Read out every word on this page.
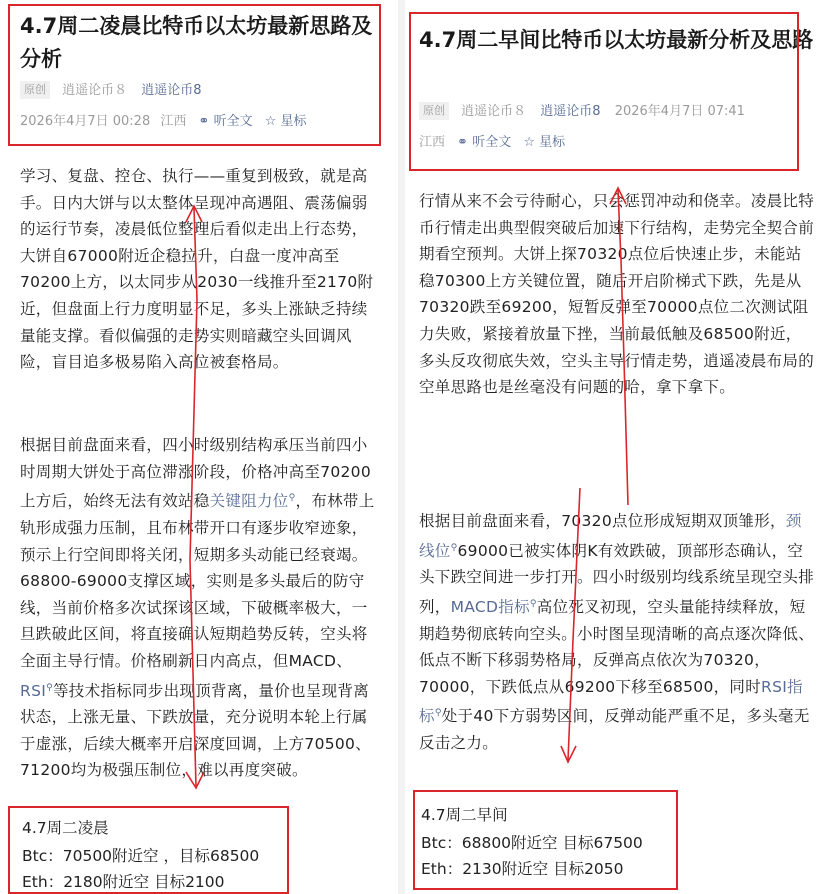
4.7周二凌晨比特币以太坊最新思路及分析
原创 逍遥论币８ 逍遥论币8
2026年4月7日 00:28 江西 ⚭ 听全文 ☆ 星标
学习、复盘、控仓、执行——重复到极致，就是高手。日内大饼与以太整体呈现冲高遇阻、震荡偏弱的运行节奏，凌晨低位整理后看似走出上行态势，大饼自67000附近企稳拉升，白盘一度冲高至70200上方，以太同步从2030一线推升至2170附近，但盘面上行力度明显不足，多头上涨缺乏持续量能支撑。看似偏强的走势实则暗藏空头回调风险，盲目追多极易陷入高位被套格局。
根据目前盘面来看，四小时级别结构承压当前四小时周期大饼处于高位滞涨阶段，价格冲高至70200上方后，始终无法有效站稳关键阻力位⚲，布林带上轨形成强力压制，且布林带开口有逐步收窄迹象，预示上行空间即将关闭，短期多头动能已经衰竭。68800-69000支撑区域，实则是多头最后的防守线，当前价格多次试探该区域，下破概率极大，一旦跌破此区间，将直接确认短期趋势反转，空头将全面主导行情。价格刷新日内高点，但MACD、RSI⚲等技术指标同步出现顶背离，量价也呈现背离状态，上涨无量、下跌放量，充分说明本轮上行属于虚涨，后续大概率开启深度回调，上方70500、71200均为极强压制位，难以再度突破。
4.7周二凌晨
Btc：70500附近空 ，目标68500
Eth：2180附近空 目标2100
4.7周二早间比特币以太坊最新分析及思路
原创 逍遥论币８ 逍遥论币8 2026年4月7日 07:41
江西 ⚭ 听全文 ☆ 星标
行情从来不会亏待耐心，只会惩罚冲动和侥幸。凌晨比特币行情走出典型假突破后加速下行结构，走势完全契合前期看空预判。大饼上探70320点位后快速止步，未能站稳70300上方关键位置，随后开启阶梯式下跌，先是从70320跌至69200，短暂反弹至70000点位二次测试阻力失败，紧接着放量下挫，当前最低触及68500附近，多头反攻彻底失效，空头主导行情走势，逍遥凌晨布局的空单思路也是丝毫没有问题的哈，拿下拿下。
根据目前盘面来看，70320点位形成短期双顶雏形，颈线位⚲69000已被实体阴K有效跌破，顶部形态确认，空头下跌空间进一步打开。四小时级别均线系统呈现空头排列，MACD指标⚲高位死叉初现，空头量能持续释放，短期趋势彻底转向空头。小时图呈现清晰的高点逐次降低、低点不断下移弱势格局，反弹高点依次为70320，70000，下跌低点从69200下移至68500，同时RSI指标⚲处于40下方弱势区间，反弹动能严重不足，多头毫无反击之力。
4.7周二早间
Btc：68800附近空 目标67500
Eth：2130附近空 目标2050
